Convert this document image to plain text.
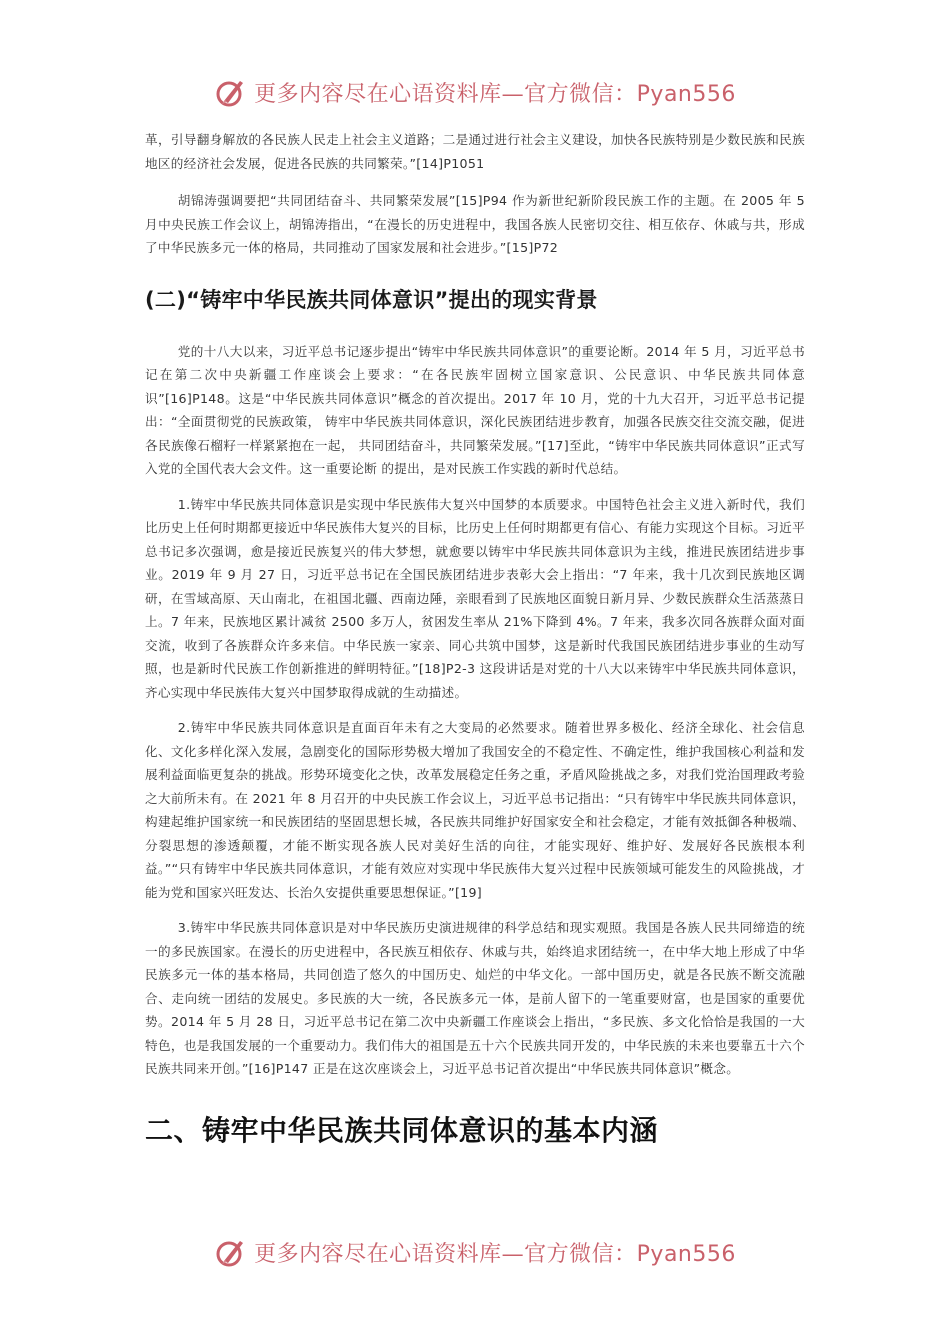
更多内容尽在心语资料库—官方微信：Pyan556

革，引导翻身解放的各民族人民走上社会主义道路；二是通过进行社会主义建设，加快各民族特别是少数民族和民族地区的经济社会发展，促进各民族的共同繁荣。”[14]P1051

胡锦涛强调要把“共同团结奋斗、共同繁荣发展”[15]P94 作为新世纪新阶段民族工作的主题。在 2005 年 5 月中央民族工作会议上，胡锦涛指出，“在漫长的历史进程中，我国各族人民密切交往、相互依存、休戚与共，形成了中华民族多元一体的格局，共同推动了国家发展和社会进步。”[15]P72

(二)“铸牢中华民族共同体意识”提出的现实背景

党的十八大以来，习近平总书记逐步提出“铸牢中华民族共同体意识”的重要论断。2014 年 5 月，习近平总书记在第二次中央新疆工作座谈会上要求：“在各民族牢固树立国家意识、公民意识、中华民族共同体意识”[16]P148。这是“中华民族共同体意识”概念的首次提出。2017 年 10 月，党的十九大召开，习近平总书记提出：“全面贯彻党的民族政策， 铸牢中华民族共同体意识，深化民族团结进步教育，加强各民族交往交流交融，促进各民族像石榴籽一样紧紧抱在一起， 共同团结奋斗，共同繁荣发展。”[17]至此，“铸牢中华民族共同体意识”正式写入党的全国代表大会文件。这一重要论断 的提出，是对民族工作实践的新时代总结。

1.铸牢中华民族共同体意识是实现中华民族伟大复兴中国梦的本质要求。中国特色社会主义进入新时代，我们比历史上任何时期都更接近中华民族伟大复兴的目标，比历史上任何时期都更有信心、有能力实现这个目标。习近平总书记多次强调，愈是接近民族复兴的伟大梦想，就愈要以铸牢中华民族共同体意识为主线，推进民族团结进步事业。2019 年 9 月 27 日，习近平总书记在全国民族团结进步表彰大会上指出：“7 年来，我十几次到民族地区调研，在雪域高原、天山南北，在祖国北疆、西南边陲，亲眼看到了民族地区面貌日新月异、少数民族群众生活蒸蒸日上。7 年来，民族地区累计减贫 2500 多万人，贫困发生率从 21%下降到 4%。7 年来，我多次同各族群众面对面交流，收到了各族群众许多来信。中华民族一家亲、同心共筑中国梦，这是新时代我国民族团结进步事业的生动写照，也是新时代民族工作创新推进的鲜明特征。”[18]P2-3 这段讲话是对党的十八大以来铸牢中华民族共同体意识，齐心实现中华民族伟大复兴中国梦取得成就的生动描述。

2.铸牢中华民族共同体意识是直面百年未有之大变局的必然要求。随着世界多极化、经济全球化、社会信息化、文化多样化深入发展，急剧变化的国际形势极大增加了我国安全的不稳定性、不确定性，维护我国核心利益和发展利益面临更复杂的挑战。形势环境变化之快，改革发展稳定任务之重，矛盾风险挑战之多，对我们党治国理政考验之大前所未有。在 2021 年 8 月召开的中央民族工作会议上，习近平总书记指出：“只有铸牢中华民族共同体意识，构建起维护国家统一和民族团结的坚固思想长城，各民族共同维护好国家安全和社会稳定，才能有效抵御各种极端、分裂思想的渗透颠覆，才能不断实现各族人民对美好生活的向往，才能实现好、维护好、发展好各民族根本利益。”“只有铸牢中华民族共同体意识，才能有效应对实现中华民族伟大复兴过程中民族领域可能发生的风险挑战，才能为党和国家兴旺发达、长治久安提供重要思想保证。”[19]

3.铸牢中华民族共同体意识是对中华民族历史演进规律的科学总结和现实观照。我国是各族人民共同缔造的统一的多民族国家。在漫长的历史进程中，各民族互相依存、休戚与共，始终追求团结统一，在中华大地上形成了中华民族多元一体的基本格局，共同创造了悠久的中国历史、灿烂的中华文化。一部中国历史，就是各民族不断交流融合、走向统一团结的发展史。多民族的大一统，各民族多元一体，是前人留下的一笔重要财富，也是国家的重要优势。2014 年 5 月 28 日，习近平总书记在第二次中央新疆工作座谈会上指出，“多民族、多文化恰恰是我国的一大特色，也是我国发展的一个重要动力。我们伟大的祖国是五十六个民族共同开发的，中华民族的未来也要靠五十六个民族共同来开创。”[16]P147 正是在这次座谈会上，习近平总书记首次提出“中华民族共同体意识”概念。

二、铸牢中华民族共同体意识的基本内涵
更多内容尽在心语资料库—官方微信：Pyan556
